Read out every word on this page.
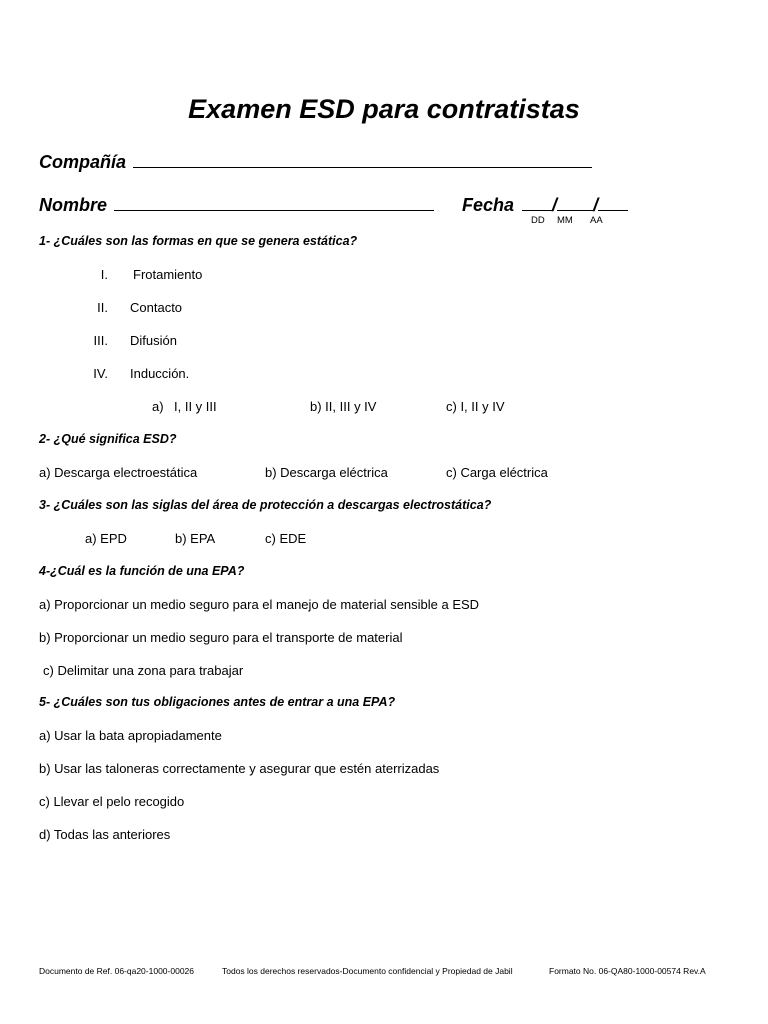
Examen ESD para contratistas
Compañía
Nombre	Fecha / /
DD MM AA
1- ¿Cuáles son las formas en que se genera estática?
I. Frotamiento
II. Contacto
III. Difusión
IV. Inducción.
a) I, II y III	b) II, III y IV	c) I, II y IV
2- ¿Qué significa ESD?
a) Descarga electroestática	b) Descarga eléctrica	c) Carga eléctrica
3- ¿Cuáles son las siglas del área de protección a descargas electrostática?
a) EPD	b) EPA	c) EDE
4-¿Cuál es la función de una EPA?
a) Proporcionar un medio seguro para el manejo de material sensible a ESD
b) Proporcionar un medio seguro para el transporte de material
c) Delimitar una zona para trabajar
5- ¿Cuáles son tus obligaciones antes de entrar a una EPA?
a) Usar la bata apropiadamente
b) Usar las taloneras correctamente y asegurar que estén aterrizadas
c) Llevar el pelo recogido
d) Todas las anteriores
Documento de Ref. 06-qa20-1000-00026	Todos los derechos reservados-Documento confidencial y Propiedad de Jabil	Formato No. 06-QA80-1000-00574 Rev.A
